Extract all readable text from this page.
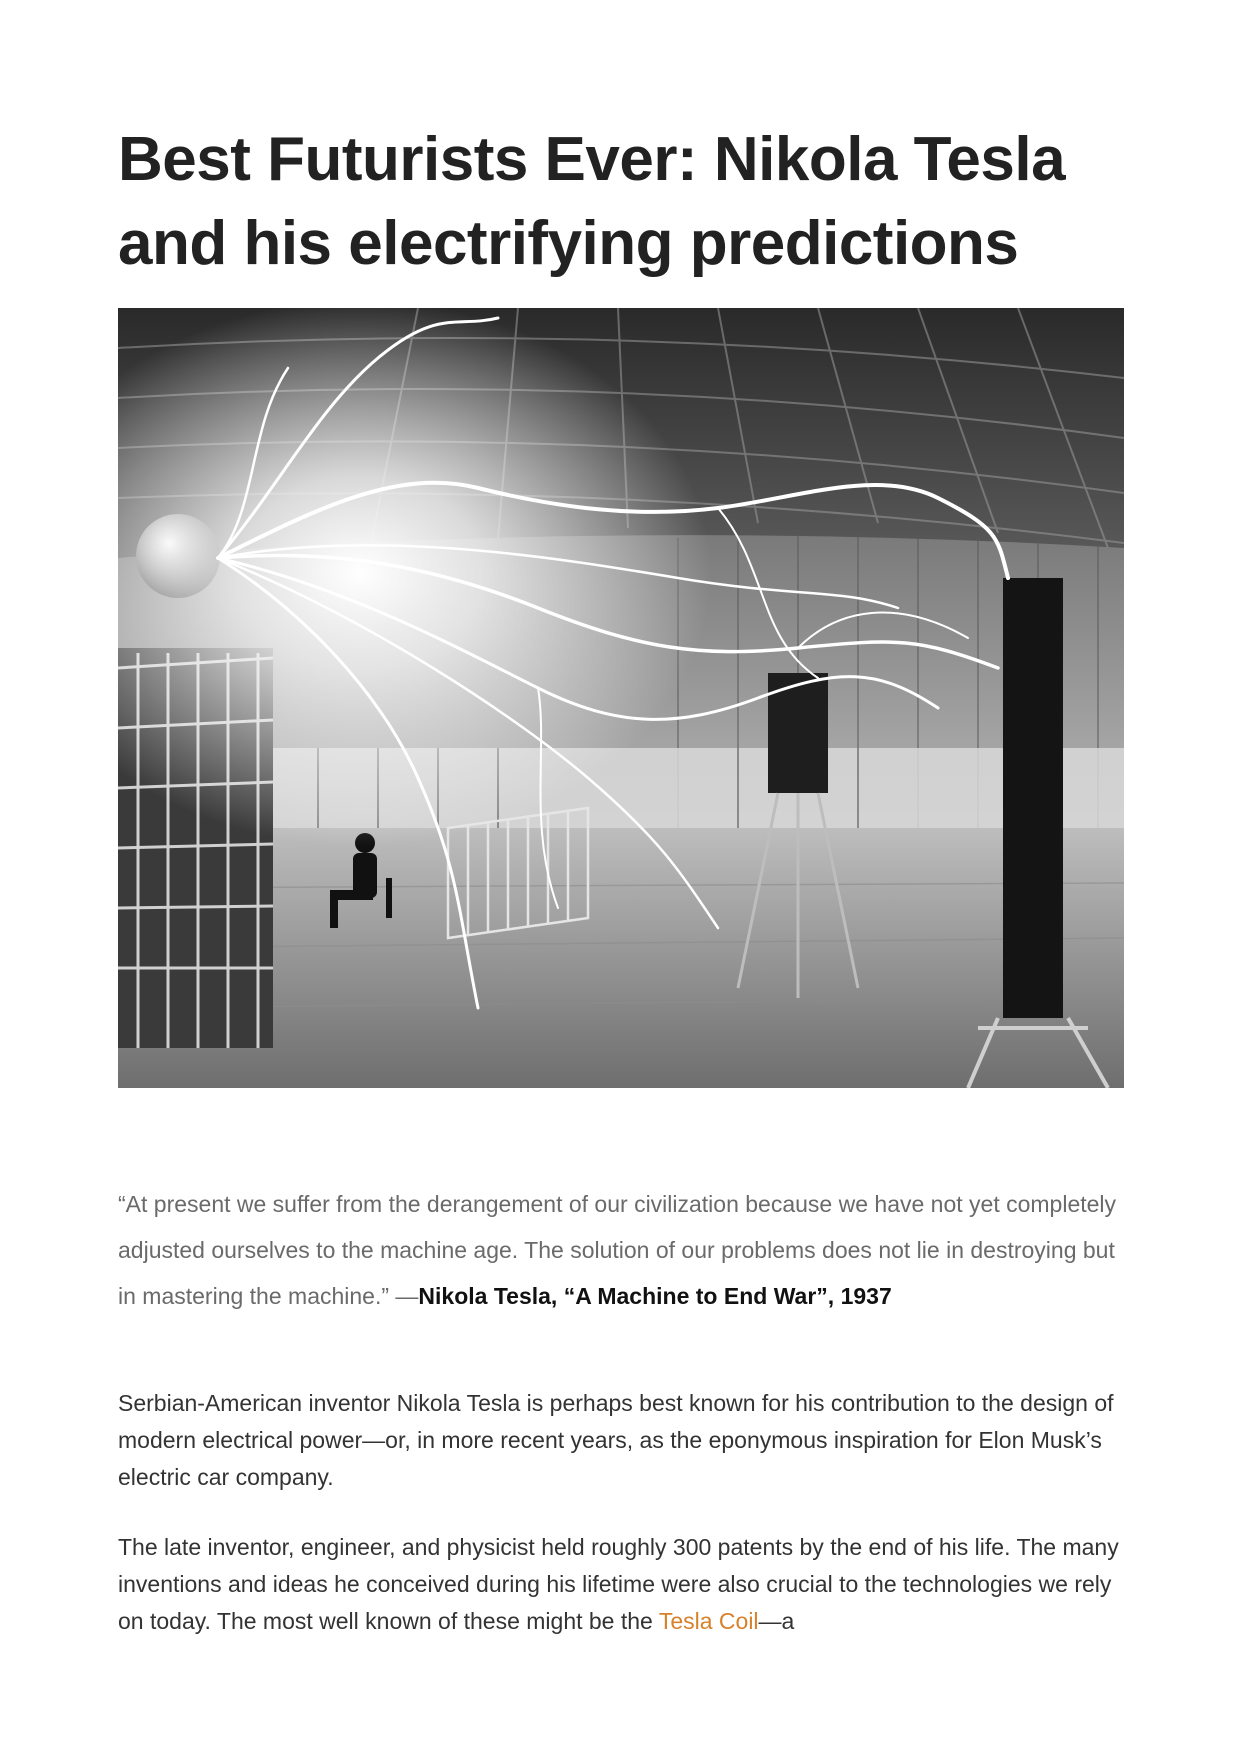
Best Futurists Ever: Nikola Tesla
and his electrifying predictions

“At present we suffer from the derangement of our civilization because we have not yet completely adjusted ourselves to the machine age. The solution of our problems does not lie in destroying but in mastering the machine.” —Nikola Tesla, “A Machine to End War”, 1937

Serbian-American inventor Nikola Tesla is perhaps best known for his contribution to the design of modern electrical power—or, in more recent years, as the eponymous inspiration for Elon Musk’s electric car company.

The late inventor, engineer, and physicist held roughly 300 patents by the end of his life. The many inventions and ideas he conceived during his lifetime were also crucial to the technologies we rely on today. The most well known of these might be the Tesla Coil—a
